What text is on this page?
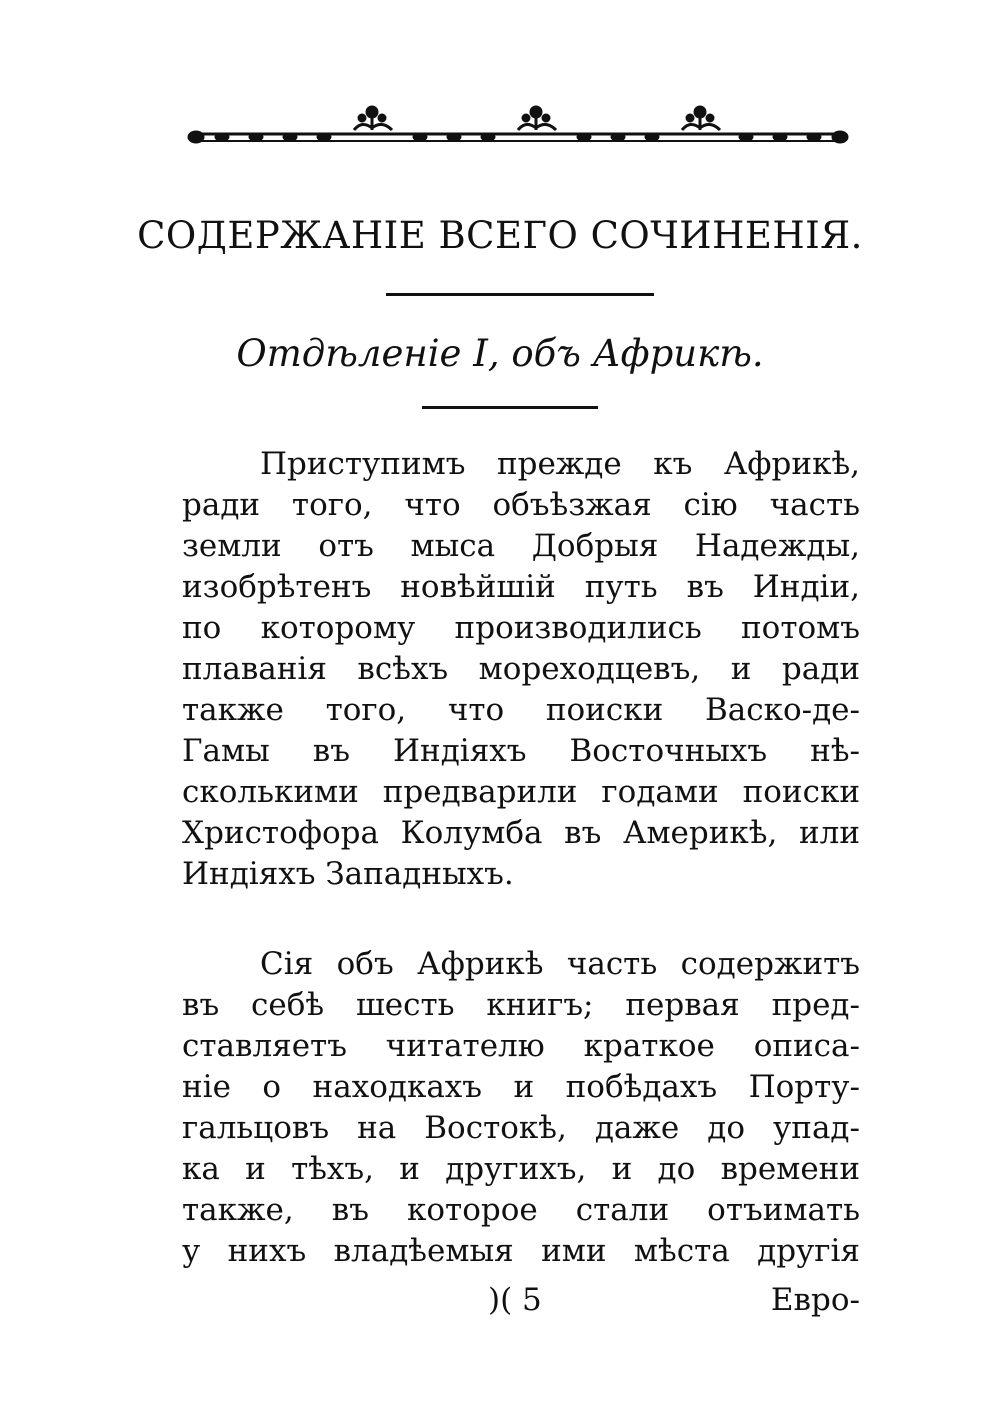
СОДЕРЖАНІЕ ВСЕГО СОЧИНЕНІЯ.
Отдѣленіе I, объ Африкѣ.
Приступимъ прежде къ Африкѣ,
ради того, что объѣзжая сію часть
земли отъ мыса Добрыя Надежды,
изобрѣтенъ новѣйшій путь въ Индіи,
по которому производились потомъ
плаванія всѣхъ мореходцевъ, и ради
также того, что поиски Васко-де-
Гамы въ Индіяхъ Восточныхъ нѣ-
сколькими предварили годами поиски
Христофора Колумба въ Америкѣ, или
Индіяхъ Западныхъ.
Сія объ Африкѣ часть содержитъ
въ себѣ шесть книгъ; первая пред-
ставляетъ читателю краткое описа-
ніе о находкахъ и побѣдахъ Порту-
гальцовъ на Востокѣ, даже до упад-
ка и тѣхъ, и другихъ, и до времени
также, въ которое стали отъимать
у нихъ владѣемыя ими мѣста другія
)( 5	Евро-
